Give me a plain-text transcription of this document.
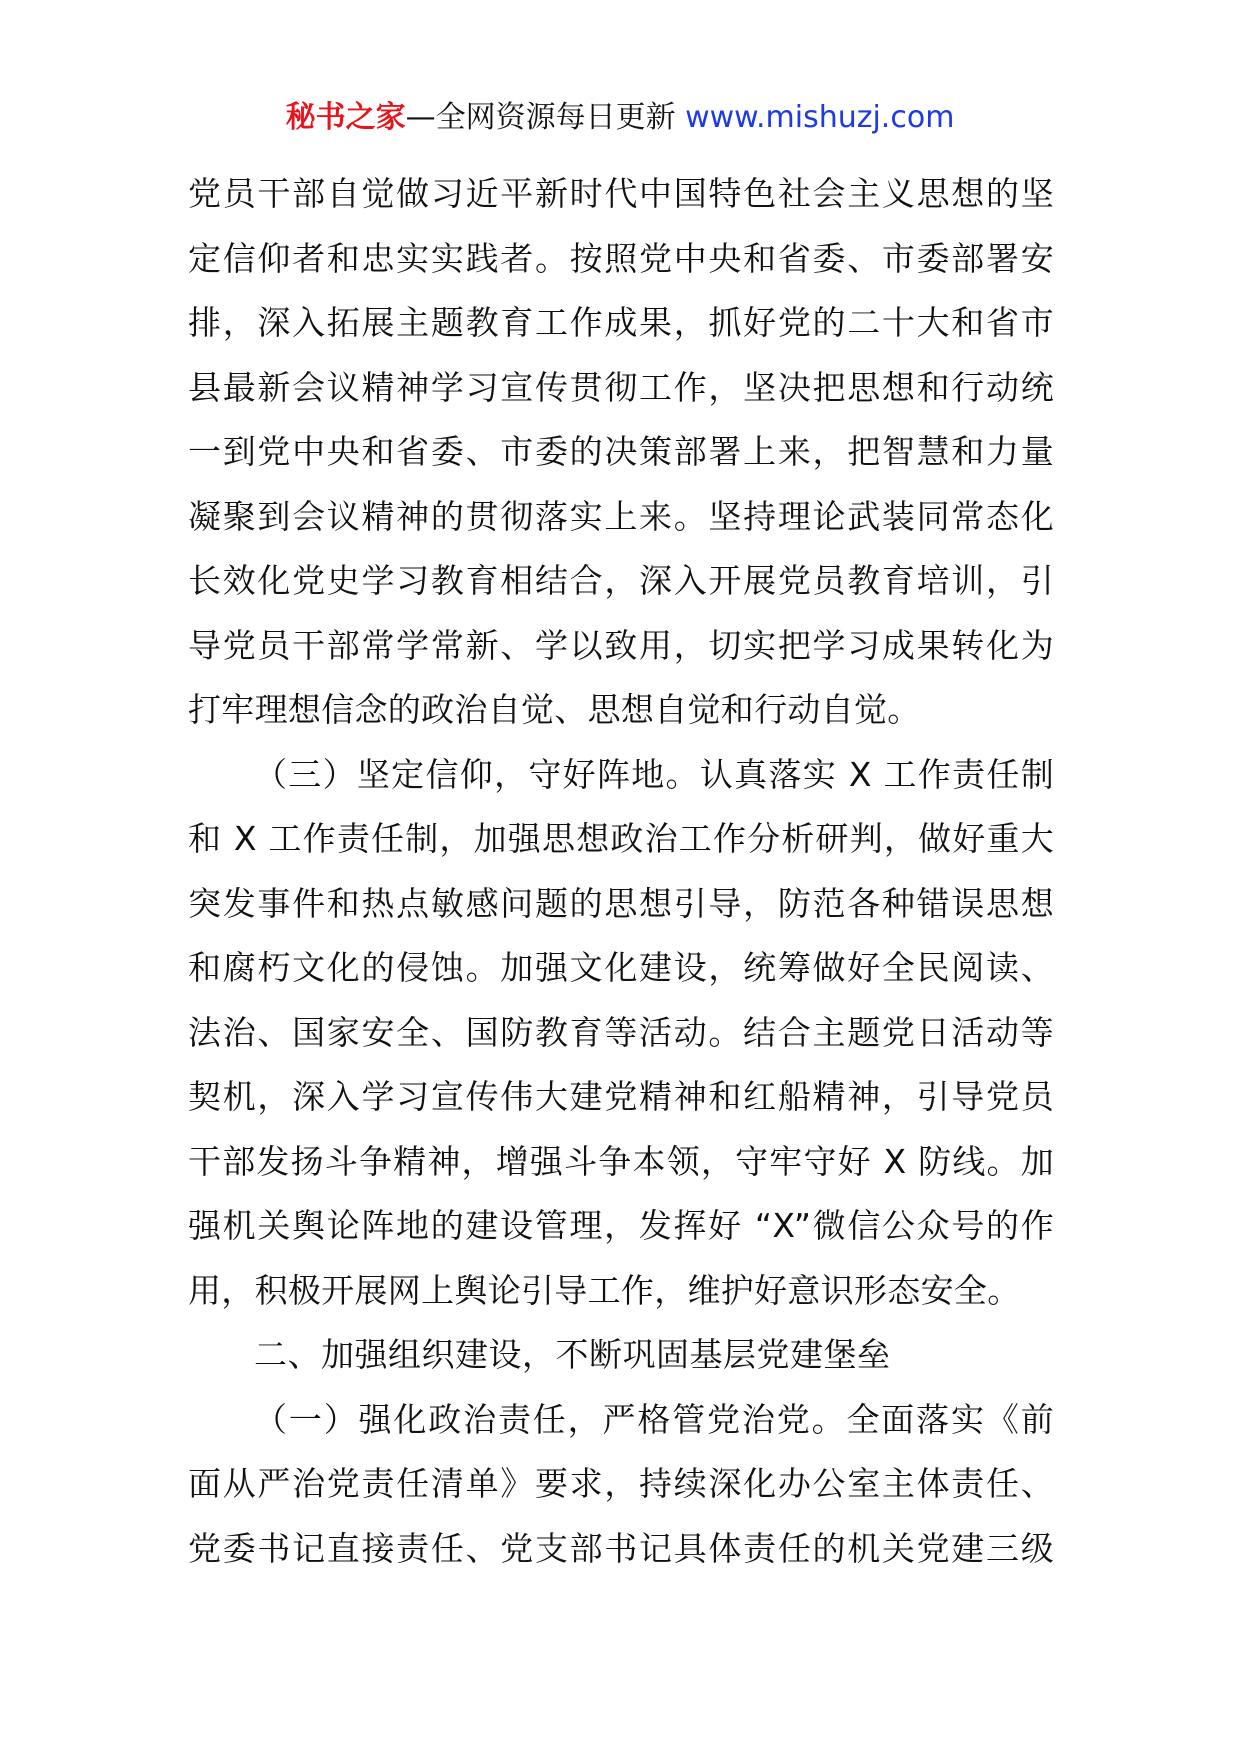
秘书之家—全网资源每日更新 www.mishuzj.com
党员干部自觉做习近平新时代中国特色社会主义思想的坚
定信仰者和忠实实践者。按照党中央和省委、市委部署安
排，深入拓展主题教育工作成果，抓好党的二十大和省市
县最新会议精神学习宣传贯彻工作，坚决把思想和行动统
一到党中央和省委、市委的决策部署上来，把智慧和力量
凝聚到会议精神的贯彻落实上来。坚持理论武装同常态化
长效化党史学习教育相结合，深入开展党员教育培训，引
导党员干部常学常新、学以致用，切实把学习成果转化为
打牢理想信念的政治自觉、思想自觉和行动自觉。
（三）坚定信仰，守好阵地。认真落实 X 工作责任制
和 X 工作责任制，加强思想政治工作分析研判，做好重大
突发事件和热点敏感问题的思想引导，防范各种错误思想
和腐朽文化的侵蚀。加强文化建设，统筹做好全民阅读、
法治、国家安全、国防教育等活动。结合主题党日活动等
契机，深入学习宣传伟大建党精神和红船精神，引导党员
干部发扬斗争精神，增强斗争本领，守牢守好 X 防线。加
强机关舆论阵地的建设管理，发挥好 “X”微信公众号的作
用，积极开展网上舆论引导工作，维护好意识形态安全。
二、加强组织建设，不断巩固基层党建堡垒
（一）强化政治责任，严格管党治党。全面落实《前
面从严治党责任清单》要求，持续深化办公室主体责任、
党委书记直接责任、党支部书记具体责任的机关党建三级
